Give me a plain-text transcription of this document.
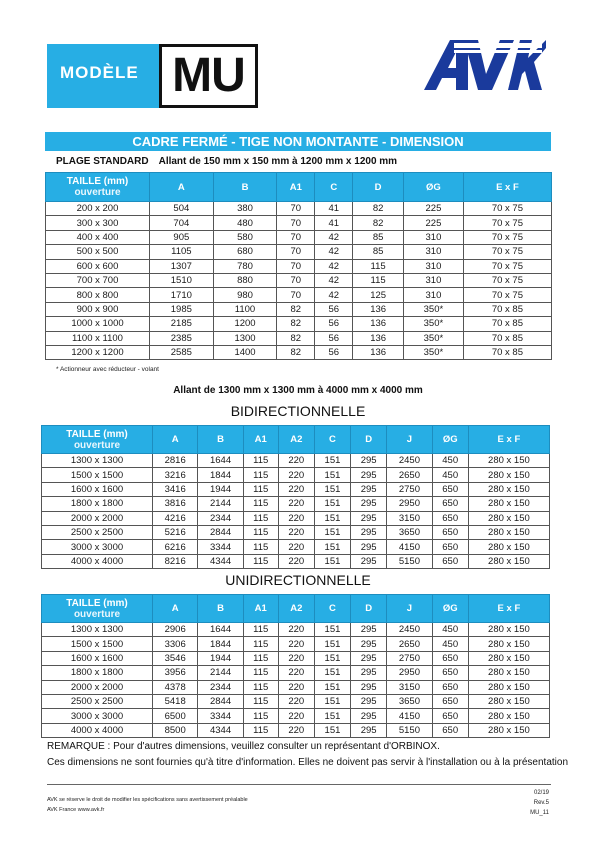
MODÈLE MU
CADRE FERMÉ - TIGE NON MONTANTE - DIMENSION
PLAGE STANDARD Allant de 150 mm x 150 mm à 1200 mm x 1200 mm
TAILLE (mm)
ouverture	A	B	A1	C	D	ØG	E x F
200 x 200	504	380	70	41	82	225	70 x 75
300 x 300	704	480	70	41	82	225	70 x 75
400 x 400	905	580	70	42	85	310	70 x 75
500 x 500	1105	680	70	42	85	310	70 x 75
600 x 600	1307	780	70	42	115	310	70 x 75
700 x 700	1510	880	70	42	115	310	70 x 75
800 x 800	1710	980	70	42	125	310	70 x 75
900 x 900	1985	1100	82	56	136	350*	70 x 85
1000 x 1000	2185	1200	82	56	136	350*	70 x 85
1100 x 1100	2385	1300	82	56	136	350*	70 x 85
1200 x 1200	2585	1400	82	56	136	350*	70 x 85
* Actionneur avec réducteur - volant
Allant de 1300 mm x 1300 mm à 4000 mm x 4000 mm
BIDIRECTIONNELLE
TAILLE (mm)
ouverture	A	B	A1	A2	C	D	J	ØG	E x F
1300 x 1300	2816	1644	115	220	151	295	2450	450	280 x 150
1500 x 1500	3216	1844	115	220	151	295	2650	450	280 x 150
1600 x 1600	3416	1944	115	220	151	295	2750	650	280 x 150
1800 x 1800	3816	2144	115	220	151	295	2950	650	280 x 150
2000 x 2000	4216	2344	115	220	151	295	3150	650	280 x 150
2500 x 2500	5216	2844	115	220	151	295	3650	650	280 x 150
3000 x 3000	6216	3344	115	220	151	295	4150	650	280 x 150
4000 x 4000	8216	4344	115	220	151	295	5150	650	280 x 150
UNIDIRECTIONNELLE
TAILLE (mm)
ouverture	A	B	A1	A2	C	D	J	ØG	E x F
1300 x 1300	2906	1644	115	220	151	295	2450	450	280 x 150
1500 x 1500	3306	1844	115	220	151	295	2650	450	280 x 150
1600 x 1600	3546	1944	115	220	151	295	2750	650	280 x 150
1800 x 1800	3956	2144	115	220	151	295	2950	650	280 x 150
2000 x 2000	4378	2344	115	220	151	295	3150	650	280 x 150
2500 x 2500	5418	2844	115	220	151	295	3650	650	280 x 150
3000 x 3000	6500	3344	115	220	151	295	4150	650	280 x 150
4000 x 4000	8500	4344	115	220	151	295	5150	650	280 x 150
REMARQUE : Pour d'autres dimensions, veuillez consulter un représentant d'ORBINOX.
Ces dimensions ne sont fournies qu'à titre d'information. Elles ne doivent pas servir à l'installation ou à la présentation
AVK se réserve le droit de modifier les spécifications sans avertissement préalable
AVK France www.avk.fr
02/19
Rev.5
MU_11
